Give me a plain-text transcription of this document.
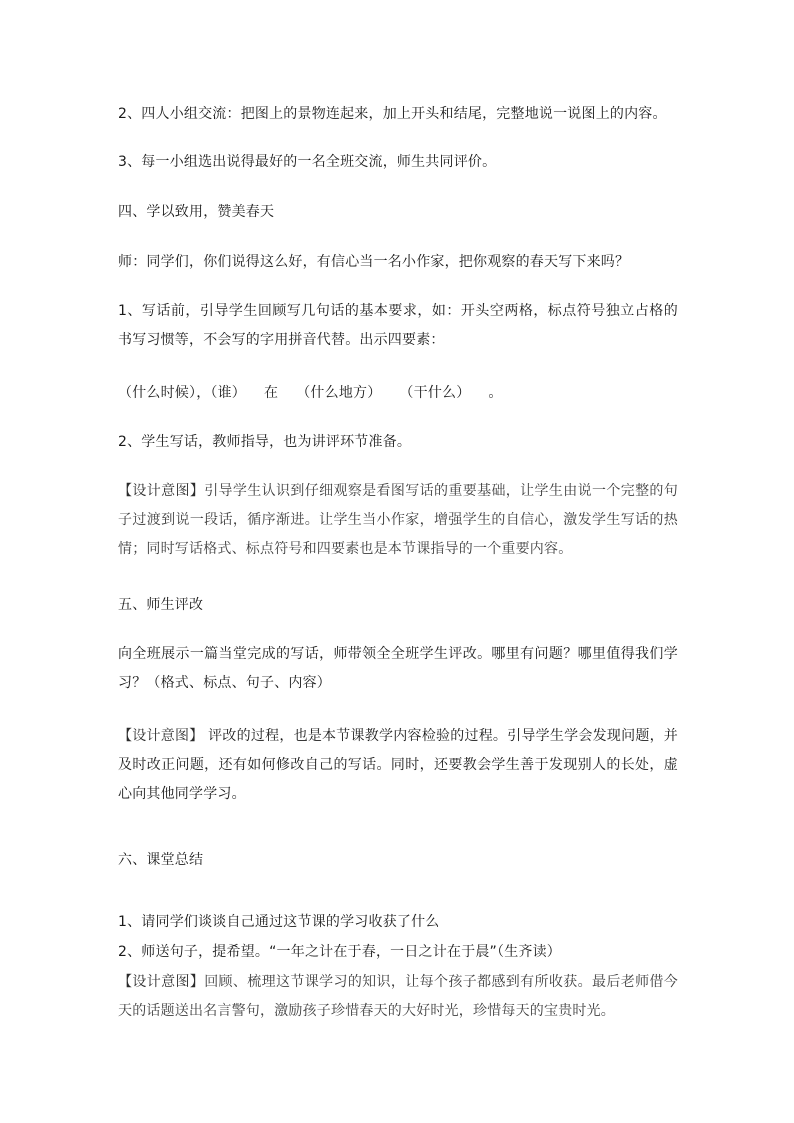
2、四人小组交流：把图上的景物连起来，加上开头和结尾，完整地说一说图上的内容。
3、每一小组选出说得最好的一名全班交流，师生共同评价。
四、学以致用，赞美春天
师：同学们，你们说得这么好，有信心当一名小作家，把你观察的春天写下来吗？
1、写话前，引导学生回顾写几句话的基本要求，如：开头空两格，标点符号独立占格的书写习惯等，不会写的字用拼音代替。出示四要素：
（什么时候），（谁） 在 （什么地方） （干什么） 。
2、学生写话，教师指导，也为讲评环节准备。
【设计意图】引导学生认识到仔细观察是看图写话的重要基础，让学生由说一个完整的句子过渡到说一段话，循序渐进。让学生当小作家，增强学生的自信心，激发学生写话的热情；同时写话格式、标点符号和四要素也是本节课指导的一个重要内容。
五、师生评改
向全班展示一篇当堂完成的写话，师带领全全班学生评改。哪里有问题？哪里值得我们学习？（格式、标点、句子、内容）
【设计意图】 评改的过程，也是本节课教学内容检验的过程。引导学生学会发现问题，并及时改正问题，还有如何修改自己的写话。同时，还要教会学生善于发现别人的长处，虚心向其他同学学习。
六、课堂总结
1、请同学们谈谈自己通过这节课的学习收获了什么
2、师送句子，提希望。“一年之计在于春，一日之计在于晨”（生齐读）
【设计意图】回顾、梳理这节课学习的知识，让每个孩子都感到有所收获。最后老师借今天的话题送出名言警句，激励孩子珍惜春天的大好时光，珍惜每天的宝贵时光。
